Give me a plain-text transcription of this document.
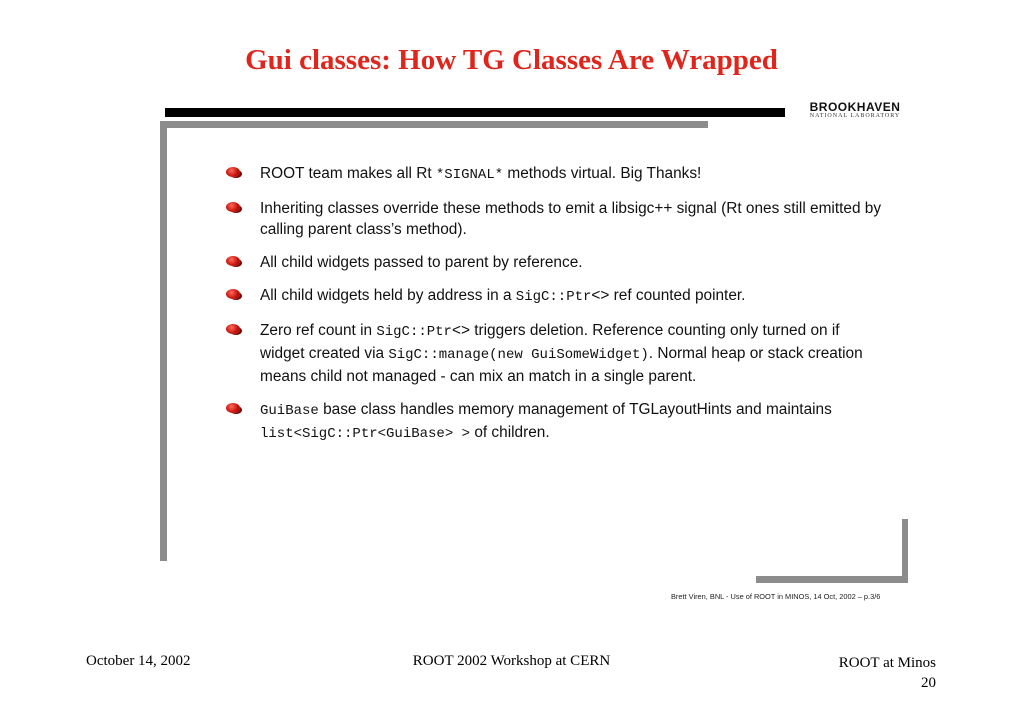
Gui classes: How TG Classes Are Wrapped
BROOKHAVEN
NATIONAL LABORATORY
ROOT team makes all Rt *SIGNAL* methods virtual. Big Thanks!
Inheriting classes override these methods to emit a libsigc++ signal (Rt ones still emitted by calling parent class’s method).
All child widgets passed to parent by reference.
All child widgets held by address in a SigC::Ptr<> ref counted pointer.
Zero ref count in SigC::Ptr<> triggers deletion. Reference counting only turned on if widget created via SigC::manage(new GuiSomeWidget). Normal heap or stack creation means child not managed - can mix an match in a single parent.
GuiBase base class handles memory management of TGLayoutHints and maintains list<SigC::Ptr<GuiBase> > of children.
Brett Viren, BNL - Use of ROOT in MINOS, 14 Oct, 2002 – p.3/6
October 14, 2002	ROOT 2002 Workshop at CERN	ROOT at Minos
20
